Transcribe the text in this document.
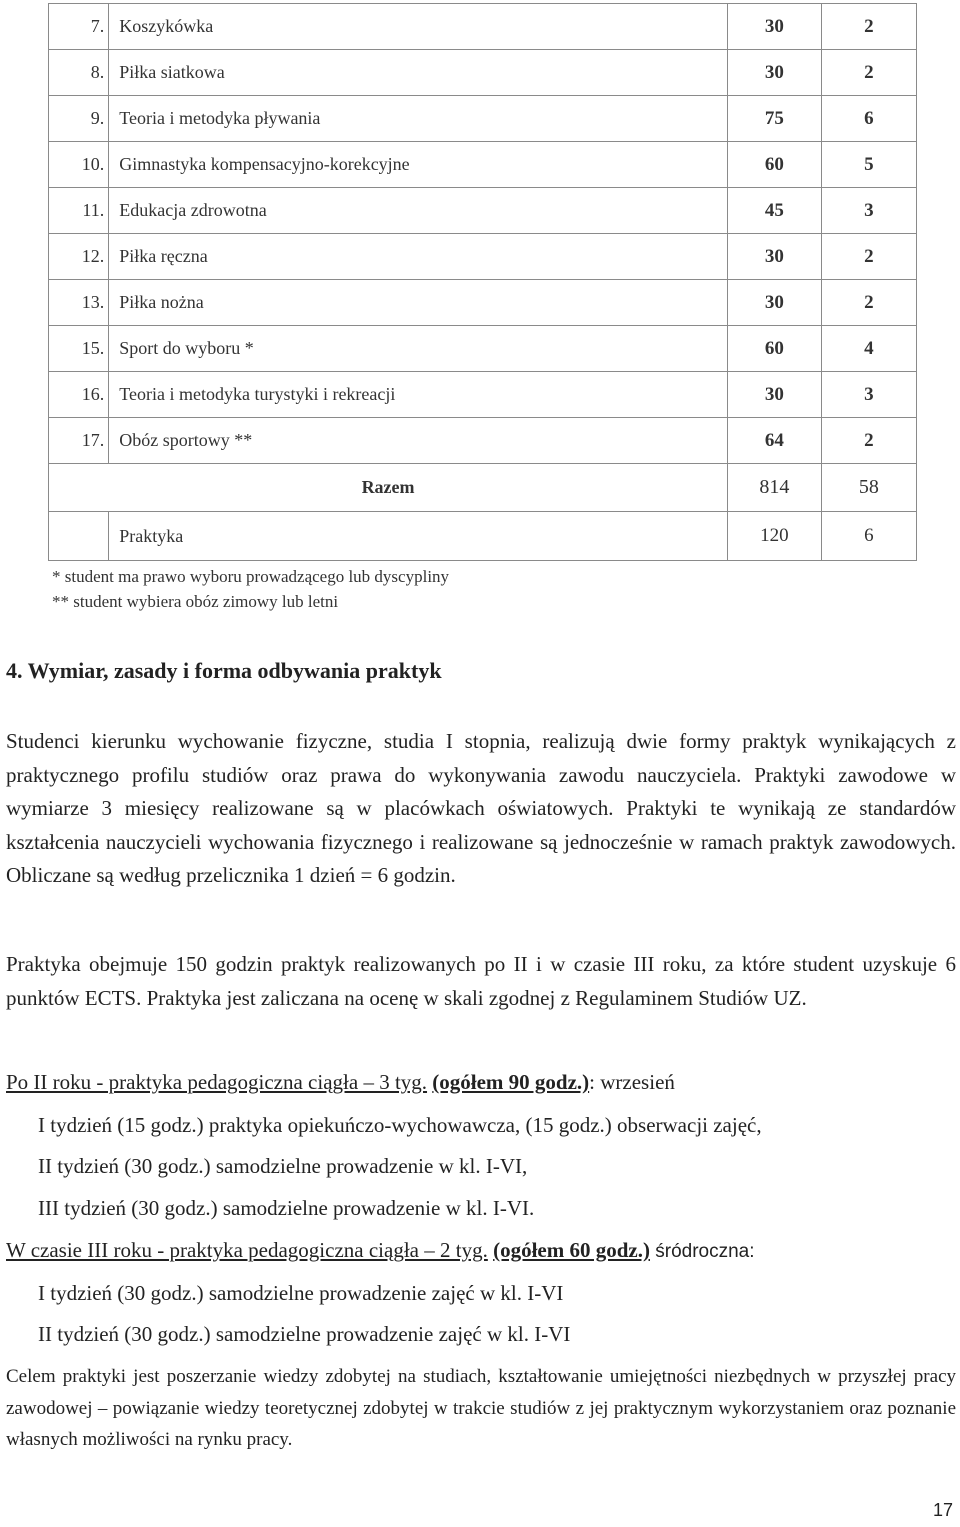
7.	Koszykówka	30	2
8.	Piłka siatkowa	30	2
9.	Teoria i metodyka pływania	75	6
10.	Gimnastyka kompensacyjno-korekcyjne	60	5
11.	Edukacja zdrowotna	45	3
12.	Piłka ręczna	30	2
13.	Piłka nożna	30	2
15.	Sport do wyboru *	60	4
16.	Teoria i metodyka turystyki i rekreacji	30	3
17.	Obóz sportowy **	64	2
Razem		814	58
	Praktyka	120	6
* student ma prawo wyboru prowadzącego lub dyscypliny
** student wybiera obóz zimowy lub letni
4. Wymiar, zasady i forma odbywania praktyk
Studenci kierunku wychowanie fizyczne, studia I stopnia, realizują dwie formy praktyk wynikających z praktycznego profilu studiów oraz prawa do wykonywania zawodu nauczyciela. Praktyki zawodowe w wymiarze 3 miesięcy realizowane są w placówkach oświatowych. Praktyki te wynikają ze standardów kształcenia nauczycieli wychowania fizycznego i realizowane są jednocześnie w ramach praktyk zawodowych. Obliczane są według przelicznika 1 dzień = 6 godzin.
Praktyka obejmuje 150 godzin praktyk realizowanych po II i w czasie III roku, za które student uzyskuje 6 punktów ECTS. Praktyka jest zaliczana na ocenę w skali zgodnej z Regulaminem Studiów UZ.
Po II roku - praktyka pedagogiczna ciągła – 3 tyg. (ogółem 90 godz.): wrzesień
I tydzień (15 godz.) praktyka opiekuńczo-wychowawcza, (15 godz.) obserwacji zajęć,
II tydzień (30 godz.) samodzielne prowadzenie w kl. I-VI,
III tydzień (30 godz.) samodzielne prowadzenie w kl. I-VI.
W czasie III roku - praktyka pedagogiczna ciągła – 2 tyg. (ogółem 60 godz.) śródroczna:
I tydzień (30 godz.) samodzielne prowadzenie zajęć w kl. I-VI
II tydzień (30 godz.) samodzielne prowadzenie zajęć w kl. I-VI
Celem praktyki jest poszerzanie wiedzy zdobytej na studiach, kształtowanie umiejętności niezbędnych w przyszłej pracy zawodowej – powiązanie wiedzy teoretycznej zdobytej w trakcie studiów z jej praktycznym wykorzystaniem oraz poznanie własnych możliwości na rynku pracy.
17
